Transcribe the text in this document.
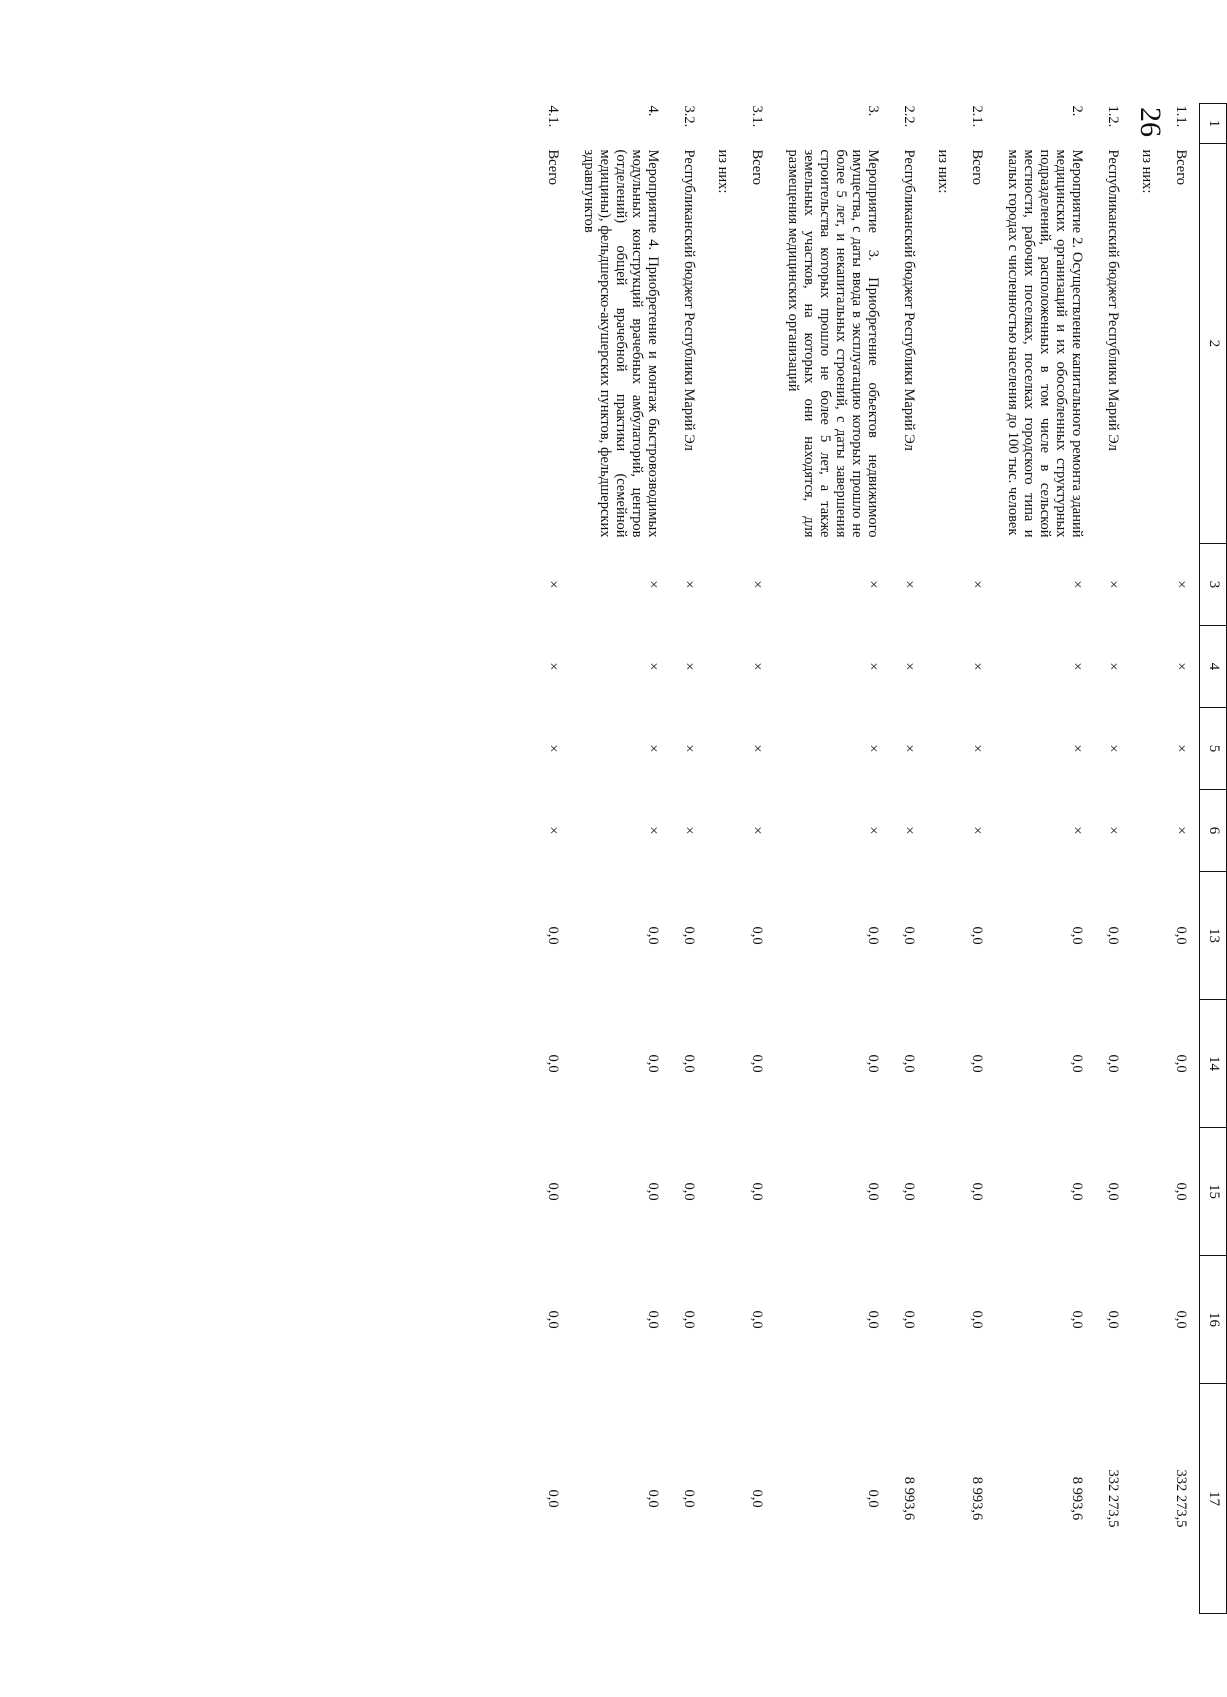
26	1	2	3	4	5	6	13	14	15	16	17
1.1.	Всего	×	×	×	×	0,0	0,0	0,0	0,0	332 273,5
	из них:									
1.2.	Республиканский бюджет Республики Марий Эл	×	×	×	×	0,0	0,0	0,0	0,0	332 273,5
2.	Мероприятие 2. Осуществление капитального ремонта зданий медицинских организаций и их обособленных структурных подразделений, расположенных в том числе в сельской местности, рабочих поселках, поселках городского типа и малых городах с численностью населения до 100 тыс. человек	×	×	×	×	0,0	0,0	0,0	0,0	8 993,6
2.1.	Всего	×	×	×	×	0,0	0,0	0,0	0,0	8 993,6
	из них:									
2.2.	Республиканский бюджет Республики Марий Эл	×	×	×	×	0,0	0,0	0,0	0,0	8 993,6
3.	Мероприятие 3. Приобретение объектов недвижимого имущества, с даты ввода в эксплуатацию которых прошло не более 5 лет, и некапитальных строений, с даты завершения строительства которых прошло не более 5 лет, а также земельных участков, на которых они находятся, для размещения медицинских организаций	×	×	×	×	0,0	0,0	0,0	0,0	0,0
3.1.	Всего	×	×	×	×	0,0	0,0	0,0	0,0	0,0
	из них:									
3.2.	Республиканский бюджет Республики Марий Эл	×	×	×	×	0,0	0,0	0,0	0,0	0,0
4.	Мероприятие 4. Приобретение и монтаж быстровозводимых модульных конструкций врачебных амбулаторий, центров (отделений) общей врачебной практики (семейной медицины), фельдшерско-акушерских пунктов, фельдшерских здравпунктов	×	×	×	×	0,0	0,0	0,0	0,0	0,0
4.1.	Всего	×	×	×	×	0,0	0,0	0,0	0,0	0,0
